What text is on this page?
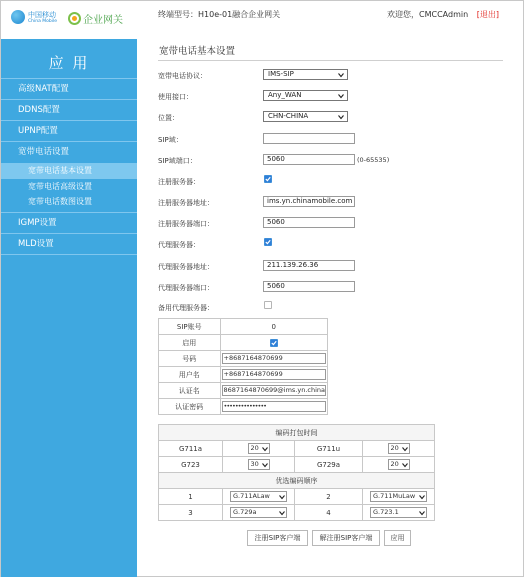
中国移动
China Mobile	企业网关
终端型号：H10e-01融合企业网关	欢迎您，CMCCAdmin [退出]
应 用
高级NAT配置
DDNS配置
UPNP配置
宽带电话设置
宽带电话基本设置
宽带电话高级设置
宽带电话数图设置
IGMP设置
MLD设置
宽带电话基本设置
宽带电话协议：	IMS-SIP
使用接口：	Any_WAN
位置：	CHN-CHINA
SIP域：
SIP域端口：	5060	(0-65535)
注册服务器：
注册服务器地址：	ims.yn.chinamobile.com
注册服务器端口：	5060
代理服务器：
代理服务器地址：	211.139.26.36
代理服务器端口：	5060
备用代理服务器：
SIP账号	0
启用	

号码	+8687164870699

用户名	+8687164870699

认证名	8687164870699@ims.yn.china

认证密码	•••••••••••••••
编码打包时间			
G711a	20	G711u	20

G723	30	G729a	20

优选编码顺序			
1	G.711ALaw	2	G.711MuLaw

3	G.729a	4	G.723.1
注册SIP客户端	解注册SIP客户端	应用
